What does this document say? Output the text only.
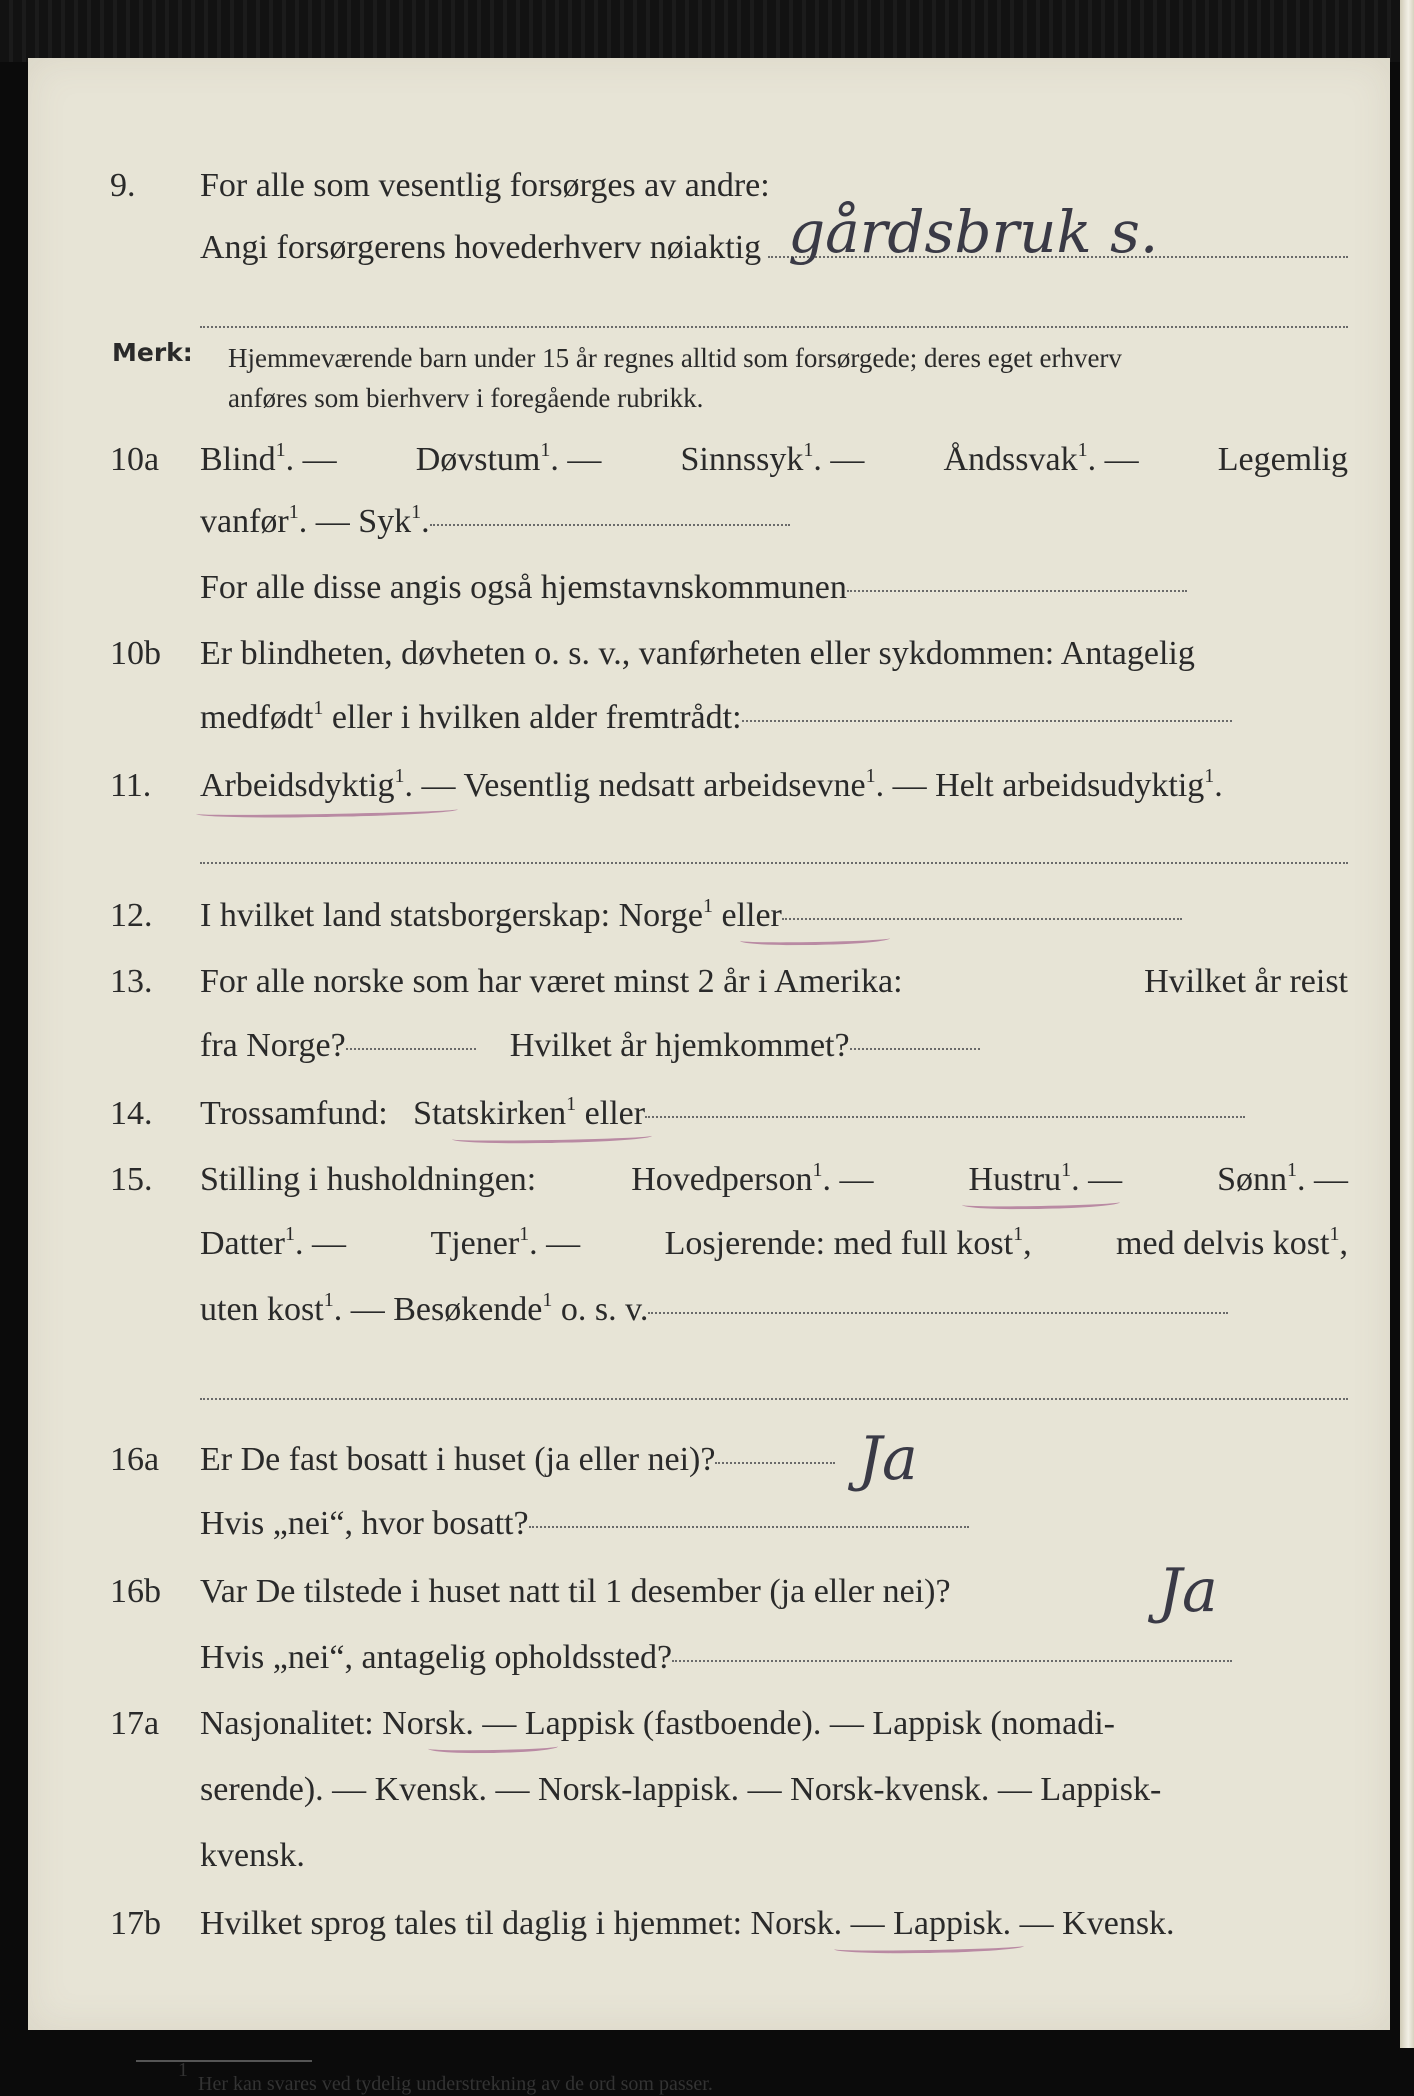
9.	For alle som vesentlig forsørges av andre:
Angi forsørgerens hovederhverv nøiaktig gårdsbruk s.
Merk: Hjemmeværende barn under 15 år regnes alltid som forsørgede; deres eget erhverv
anføres som bierhverv i foregående rubrikk.
10a	Blind$^1$. — Døvstum$^1$. — Sinnssyk$^1$. — Åndssvak$^1$. — Legemlig
vanfør$^1$. — Syk$^1$.
For alle disse angis også hjemstavnskommunen
10b	Er blindheten, døvheten o. s. v., vanførheten eller sykdommen: Antagelig
medfødt$^1$ eller i hvilken alder fremtrådt:
11.	Arbeidsdyktig$^1$. — Vesentlig nedsatt arbeidsevne$^1$. — Helt arbeidsudyktig$^1$.
12.	I hvilket land statsborgerskap: Norge$^1$ eller
13.	For alle norske som har været minst 2 år i Amerika:	Hvilket år reist
fra Norge?	Hvilket år hjemkommet?
14.	Trossamfund: Statskirken$^1$ eller
15.	Stilling i husholdningen:	Hovedperson$^1$. —	Hustru$^1$. —	Sønn$^1$. —
Datter$^1$. — Tjener$^1$. — Losjerende: med full kost$^1$, med delvis kost$^1$,
uten kost$^1$. — Besøkende$^1$ o. s. v.
16a	Er De fast bosatt i huset (ja eller nei)?	Ja
Hvis „nei“, hvor bosatt?
16b	Var De tilstede i huset natt til 1 desember (ja eller nei)?	Ja
Hvis „nei“, antagelig opholdssted?
17a	Nasjonalitet: Norsk. — Lappisk (fastboende). — Lappisk (nomadi-
serende). — Kvensk. — Norsk-lappisk. — Norsk-kvensk. — Lappisk-
kvensk.
17b	Hvilket sprog tales til daglig i hjemmet: Norsk. — Lappisk. — Kvensk.
$^1$  Her kan svares ved tydelig understrekning av de ord som passer.
